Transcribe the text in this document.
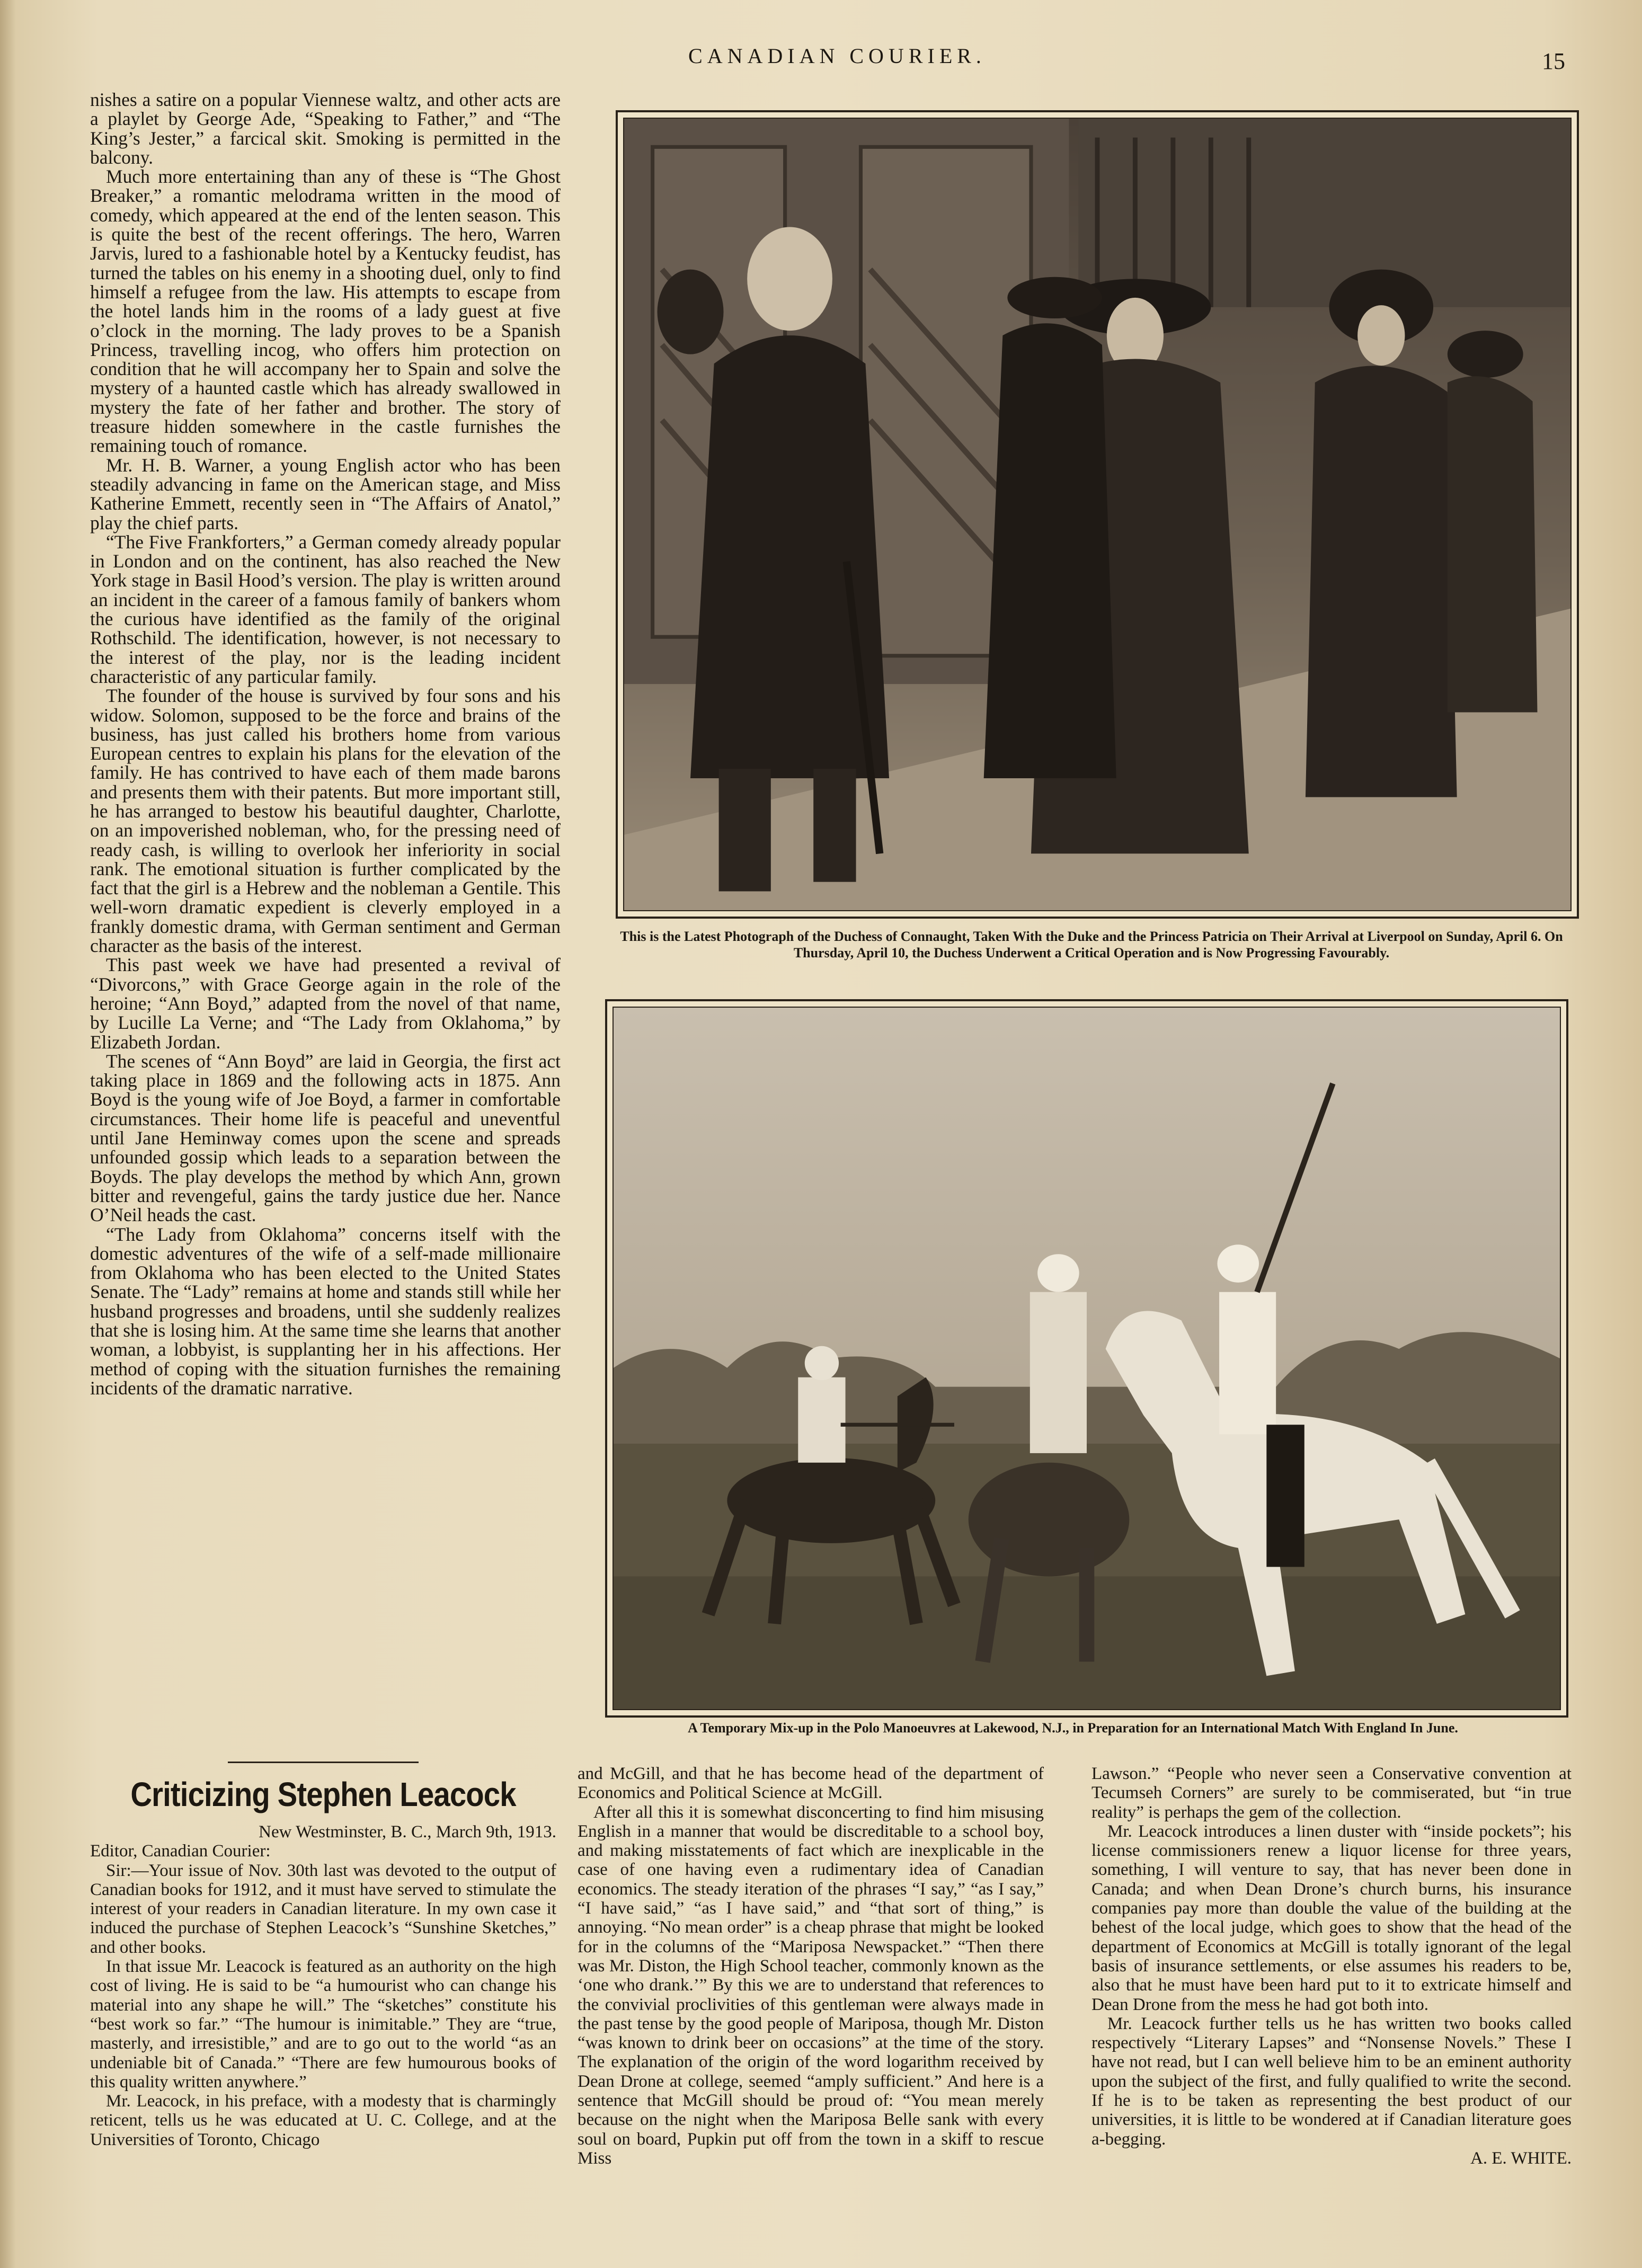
CANADIAN COURIER.	15

nishes a satire on a popular Viennese waltz, and other acts are a playlet by George Ade, “Speaking to Father,” and “The King’s Jester,” a farcical skit. Smoking is permitted in the balcony.

Much more entertaining than any of these is “The Ghost Breaker,” a romantic melodrama written in the mood of comedy, which appeared at the end of the lenten season. This is quite the best of the recent offerings. The hero, Warren Jarvis, lured to a fashionable hotel by a Kentucky feudist, has turned the tables on his enemy in a shooting duel, only to find himself a refugee from the law. His attempts to escape from the hotel lands him in the rooms of a lady guest at five o’clock in the morning. The lady proves to be a Spanish Princess, travelling incog, who offers him protection on condition that he will accompany her to Spain and solve the mystery of a haunted castle which has already swallowed in mystery the fate of her father and brother. The story of treasure hidden somewhere in the castle furnishes the remaining touch of romance.

Mr. H. B. Warner, a young English actor who has been steadily advancing in fame on the American stage, and Miss Katherine Emmett, recently seen in “The Affairs of Anatol,” play the chief parts.

“The Five Frankforters,” a German comedy already popular in London and on the continent, has also reached the New York stage in Basil Hood’s version. The play is written around an incident in the career of a famous family of bankers whom the curious have identified as the family of the original Rothschild. The identification, however, is not necessary to the interest of the play, nor is the leading incident characteristic of any particular family.

The founder of the house is survived by four sons and his widow. Solomon, supposed to be the force and brains of the business, has just called his brothers home from various European centres to explain his plans for the elevation of the family. He has contrived to have each of them made barons and presents them with their patents. But more important still, he has arranged to bestow his beautiful daughter, Charlotte, on an impoverished nobleman, who, for the pressing need of ready cash, is willing to overlook her inferiority in social rank. The emotional situation is further complicated by the fact that the girl is a Hebrew and the nobleman a Gentile. This well-worn dramatic expedient is cleverly employed in a frankly domestic drama, with German sentiment and German character as the basis of the interest.

This past week we have had presented a revival of “Divorcons,” with Grace George again in the role of the heroine; “Ann Boyd,” adapted from the novel of that name, by Lucille La Verne; and “The Lady from Oklahoma,” by Elizabeth Jordan.

The scenes of “Ann Boyd” are laid in Georgia, the first act taking place in 1869 and the following acts in 1875. Ann Boyd is the young wife of Joe Boyd, a farmer in comfortable circumstances. Their home life is peaceful and uneventful until Jane Heminway comes upon the scene and spreads unfounded gossip which leads to a separation between the Boyds. The play develops the method by which Ann, grown bitter and revengeful, gains the tardy justice due her. Nance O’Neil heads the cast.

“The Lady from Oklahoma” concerns itself with the domestic adventures of the wife of a self-made millionaire from Oklahoma who has been elected to the United States Senate. The “Lady” remains at home and stands still while her husband progresses and broadens, until she suddenly realizes that she is losing him. At the same time she learns that another woman, a lobbyist, is supplanting her in his affections. Her method of coping with the situation furnishes the remaining incidents of the dramatic narrative.

This is the Latest Photograph of the Duchess of Connaught, Taken With the Duke and the Princess Patricia on Their Arrival at Liverpool on Sunday, April 6. On Thursday, April 10, the Duchess Underwent a Critical Operation and is Now Progressing Favourably.
A Temporary Mix-up in the Polo Manoeuvres at Lakewood, N.J., in Preparation for an International Match With England In June.
Criticizing Stephen Leacock

New Westminster, B. C., March 9th, 1913.

Editor, Canadian Courier:

Sir:—Your issue of Nov. 30th last was devoted to the output of Canadian books for 1912, and it must have served to stimulate the interest of your readers in Canadian literature. In my own case it induced the purchase of Stephen Leacock’s “Sunshine Sketches,” and other books.

In that issue Mr. Leacock is featured as an authority on the high cost of living. He is said to be “a humourist who can change his material into any shape he will.” The “sketches” constitute his “best work so far.” “The humour is inimitable.” They are “true, masterly, and irresistible,” and are to go out to the world “as an undeniable bit of Canada.” “There are few humourous books of this quality written anywhere.”

Mr. Leacock, in his preface, with a modesty that is charmingly reticent, tells us he was educated at U. C. College, and at the Universities of Toronto, Chicago

and McGill, and that he has become head of the department of Economics and Political Science at McGill.

After all this it is somewhat disconcerting to find him misusing English in a manner that would be discreditable to a school boy, and making misstatements of fact which are inexplicable in the case of one having even a rudimentary idea of Canadian economics. The steady iteration of the phrases “I say,” “as I say,” “I have said,” “as I have said,” and “that sort of thing,” is annoying. “No mean order” is a cheap phrase that might be looked for in the columns of the “Mariposa Newspacket.” “Then there was Mr. Diston, the High School teacher, commonly known as the ‘one who drank.’” By this we are to understand that references to the convivial proclivities of this gentleman were always made in the past tense by the good people of Mariposa, though Mr. Diston “was known to drink beer on occasions” at the time of the story. The explanation of the origin of the word logarithm received by Dean Drone at college, seemed “amply sufficient.” And here is a sentence that McGill should be proud of: “You mean merely because on the night when the Mariposa Belle sank with every soul on board, Pupkin put off from the town in a skiff to rescue Miss

Lawson.” “People who never seen a Conservative convention at Tecumseh Corners” are surely to be commiserated, but “in true reality” is perhaps the gem of the collection.

Mr. Leacock introduces a linen duster with “inside pockets”; his license commissioners renew a liquor license for three years, something, I will venture to say, that has never been done in Canada; and when Dean Drone’s church burns, his insurance companies pay more than double the value of the building at the behest of the local judge, which goes to show that the head of the department of Economics at McGill is totally ignorant of the legal basis of insurance settlements, or else assumes his readers to be, also that he must have been hard put to it to extricate himself and Dean Drone from the mess he had got both into.

Mr. Leacock further tells us he has written two books called respectively “Literary Lapses” and “Nonsense Novels.” These I have not read, but I can well believe him to be an eminent authority upon the subject of the first, and fully qualified to write the second. If he is to be taken as representing the best product of our universities, it is little to be wondered at if Canadian literature goes a-begging.

A. E. WHITE.
